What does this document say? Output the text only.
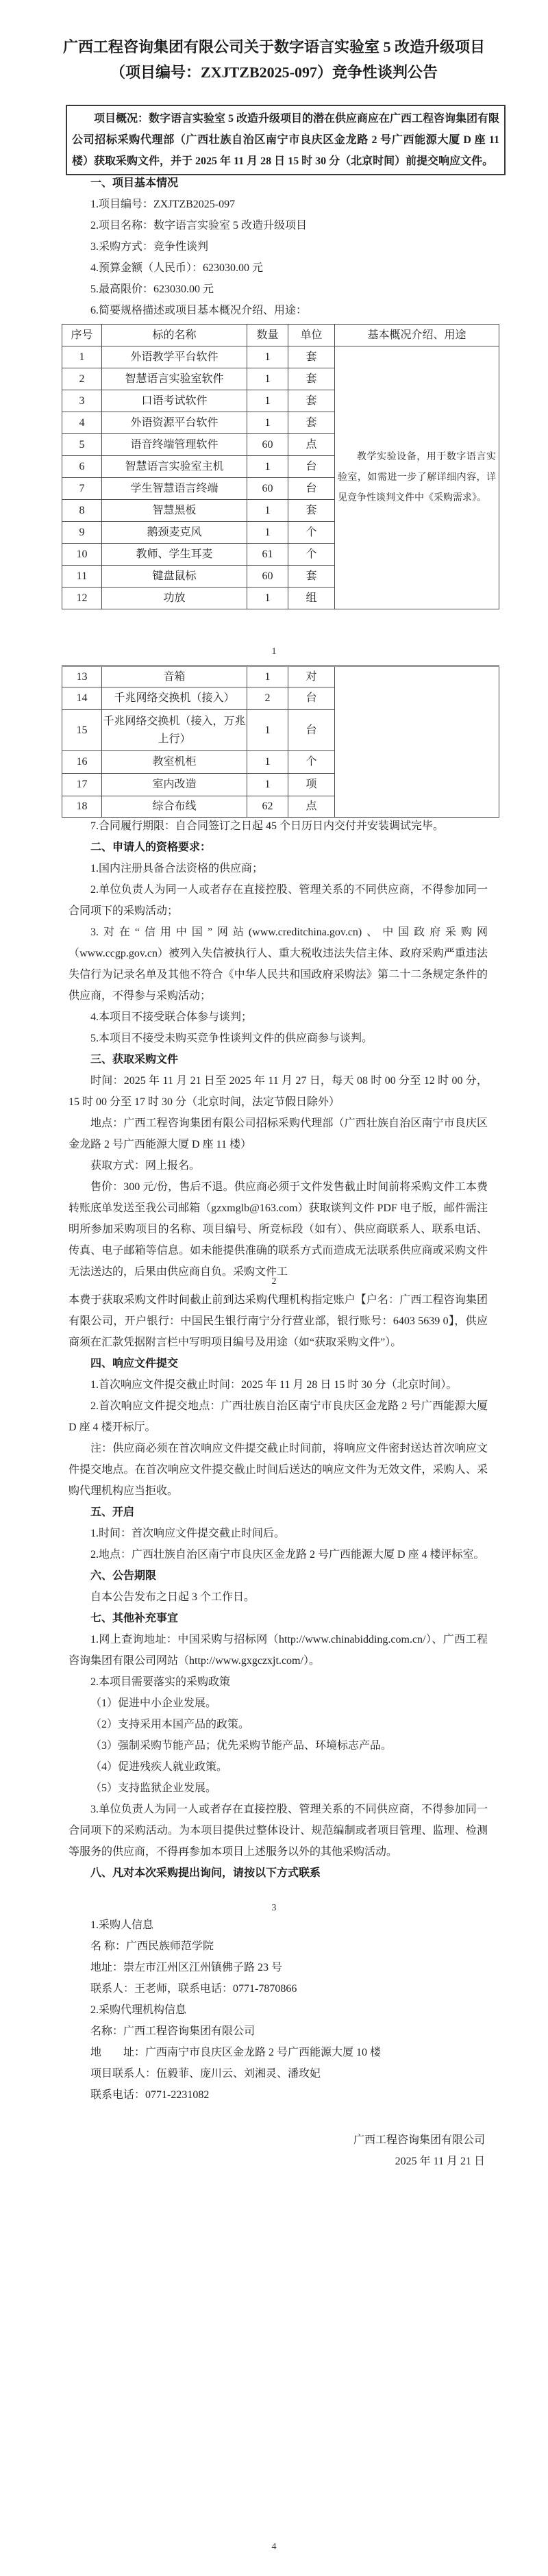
广西工程咨询集团有限公司关于数字语言实验室 5 改造升级项目
（项目编号：ZXJTZB2025-097）竞争性谈判公告

项目概况：数字语言实验室 5 改造升级项目的潜在供应商应在广西工程咨询集团有限公司招标采购代理部（广西壮族自治区南宁市良庆区金龙路 2 号广西能源大厦 D 座 11 楼）获取采购文件，并于 2025 年 11 月 28 日 15 时 30 分（北京时间）前提交响应文件。

一、项目基本情况

1.项目编号：ZXJTZB2025-097

2.项目名称：数字语言实验室 5 改造升级项目

3.采购方式：竞争性谈判

4.预算金额（人民币）：623030.00 元

5.最高限价：623030.00 元

6.简要规格描述或项目基本概况介绍、用途：

序号	标的名称	数量	单位	基本概况介绍、用途
1	外语教学平台软件	1	套	教学实验设备，用于数字语言实验室，如需进一步了解详细内容，详见竞争性谈判文件中《采购需求》。

2	智慧语言实验室软件	1	套	
3	口语考试软件	1	套	
4	外语资源平台软件	1	套	
5	语音终端管理软件	60	点	
6	智慧语言实验室主机	1	台	
7	学生智慧语言终端	60	台	
8	智慧黑板	1	套	
9	鹅颈麦克风	1	个	
10	教师、学生耳麦	61	个	
11	键盘鼠标	60	套	
12	功放	1	组	
1
13	音箱	1	对	
14	千兆网络交换机（接入）	2	台	
15	千兆网络交换机（接入，万兆上行）	1	台	
16	教室机柜	1	个	
17	室内改造	1	项	
18	综合布线	62	点	

7.合同履行期限：自合同签订之日起 45 个日历日内交付并安装调试完毕。

二、申请人的资格要求：

1.国内注册具备合法资格的供应商；

2.单位负责人为同一人或者存在直接控股、管理关系的不同供应商，不得参加同一合同项下的采购活动；

3.对在“信用中国”网站(www.creditchina.gov.cn)、中国政府采购网（www.ccgp.gov.cn）被列入失信被执行人、重大税收违法失信主体、政府采购严重违法失信行为记录名单及其他不符合《中华人民共和国政府采购法》第二十二条规定条件的供应商，不得参与采购活动；

4.本项目不接受联合体参与谈判；

5.本项目不接受未购买竞争性谈判文件的供应商参与谈判。

三、获取采购文件

时间：2025 年 11 月 21 日至 2025 年 11 月 27 日，每天 08 时 00 分至 12 时 00 分，15 时 00 分至 17 时 30 分（北京时间，法定节假日除外）

地点：广西工程咨询集团有限公司招标采购代理部（广西壮族自治区南宁市良庆区金龙路 2 号广西能源大厦 D 座 11 楼）

获取方式：网上报名。

售价：300 元/份，售后不退。供应商必须于文件发售截止时间前将采购文件工本费转账底单发送至我公司邮箱（gzxmglb@163.com）获取谈判文件 PDF 电子版，邮件需注明所参加采购项目的名称、项目编号、所竞标段（如有）、供应商联系人、联系电话、传真、电子邮箱等信息。如未能提供准确的联系方式而造成无法联系供应商或采购文件无法送达的，后果由供应商自负。采购文件工

2

本费于获取采购文件时间截止前到达采购代理机构指定账户【户名：广西工程咨询集团有限公司，开户银行：中国民生银行南宁分行营业部，银行账号：6403 5639 0】，供应商须在汇款凭据附言栏中写明项目编号及用途（如“获取采购文件”）。

四、响应文件提交

1.首次响应文件提交截止时间：2025 年 11 月 28 日 15 时 30 分（北京时间）。

2.首次响应文件提交地点：广西壮族自治区南宁市良庆区金龙路 2 号广西能源大厦 D 座 4 楼开标厅。

注：供应商必须在首次响应文件提交截止时间前，将响应文件密封送达首次响应文件提交地点。在首次响应文件提交截止时间后送达的响应文件为无效文件，采购人、采购代理机构应当拒收。

五、开启

1.时间：首次响应文件提交截止时间后。

2.地点：广西壮族自治区南宁市良庆区金龙路 2 号广西能源大厦 D 座 4 楼评标室。

六、公告期限

自本公告发布之日起 3 个工作日。

七、其他补充事宜

1.网上查询地址：中国采购与招标网（http://www.chinabidding.com.cn/）、广西工程咨询集团有限公司网站（http://www.gxgczxjt.com/）。

2.本项目需要落实的采购政策

（1）促进中小企业发展。

（2）支持采用本国产品的政策。

（3）强制采购节能产品；优先采购节能产品、环境标志产品。

（4）促进残疾人就业政策。

（5）支持监狱企业发展。

3.单位负责人为同一人或者存在直接控股、管理关系的不同供应商，不得参加同一合同项下的采购活动。为本项目提供过整体设计、规范编制或者项目管理、监理、检测等服务的供应商，不得再参加本项目上述服务以外的其他采购活动。

八、凡对本次采购提出询问，请按以下方式联系

3

1.采购人信息

名 称：广西民族师范学院

地址：崇左市江州区江州镇佛子路 23 号

联系人：王老师，联系电话：0771-7870866

2.采购代理机构信息

名称：广西工程咨询集团有限公司

地　　址：广西南宁市良庆区金龙路 2 号广西能源大厦 10 楼

项目联系人：伍毅菲、庞川云、刘湘灵、潘玫妃

联系电话：0771-2231082

广西工程咨询集团有限公司

2025 年 11 月 21 日

4
